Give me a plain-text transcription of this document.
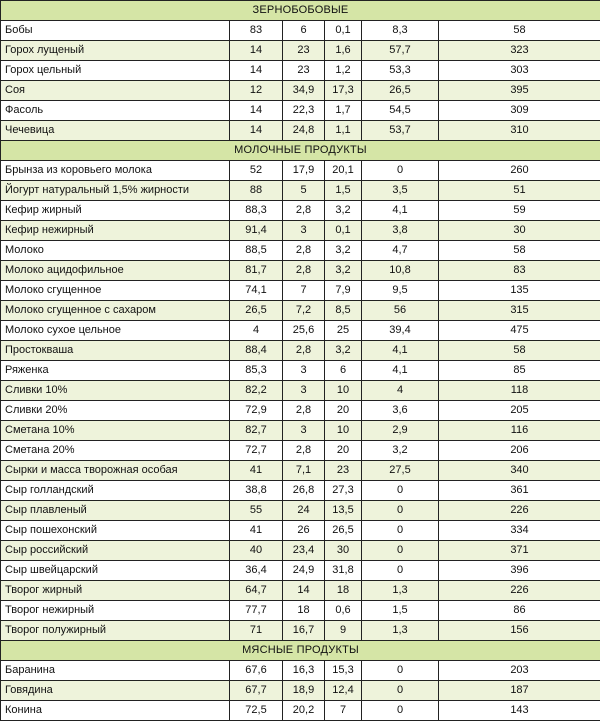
ЗЕРНОБОБОВЫЕ					
Бобы	83	6	0,1	8,3	58
Горох лущеный	14	23	1,6	57,7	323
Горох цельный	14	23	1,2	53,3	303
Соя	12	34,9	17,3	26,5	395
Фасоль	14	22,3	1,7	54,5	309
Чечевица	14	24,8	1,1	53,7	310
МОЛОЧНЫЕ ПРОДУКТЫ					
Брынза из коровьего молока	52	17,9	20,1	0	260
Йогурт натуральный 1,5% жирности	88	5	1,5	3,5	51
Кефир жирный	88,3	2,8	3,2	4,1	59
Кефир нежирный	91,4	3	0,1	3,8	30
Молоко	88,5	2,8	3,2	4,7	58
Молоко ацидофильное	81,7	2,8	3,2	10,8	83
Молоко сгущенное	74,1	7	7,9	9,5	135
Молоко сгущенное с сахаром	26,5	7,2	8,5	56	315
Молоко сухое цельное	4	25,6	25	39,4	475
Простокваша	88,4	2,8	3,2	4,1	58
Ряженка	85,3	3	6	4,1	85
Сливки 10%	82,2	3	10	4	118
Сливки 20%	72,9	2,8	20	3,6	205
Сметана 10%	82,7	3	10	2,9	116
Сметана 20%	72,7	2,8	20	3,2	206
Сырки и масса творожная особая	41	7,1	23	27,5	340
Сыр голландский	38,8	26,8	27,3	0	361
Сыр плавленый	55	24	13,5	0	226
Сыр пошехонский	41	26	26,5	0	334
Сыр российский	40	23,4	30	0	371
Сыр швейцарский	36,4	24,9	31,8	0	396
Творог жирный	64,7	14	18	1,3	226
Творог нежирный	77,7	18	0,6	1,5	86
Творог полужирный	71	16,7	9	1,3	156
МЯСНЫЕ ПРОДУКТЫ					
Баранина	67,6	16,3	15,3	0	203
Говядина	67,7	18,9	12,4	0	187
Конина	72,5	20,2	7	0	143
